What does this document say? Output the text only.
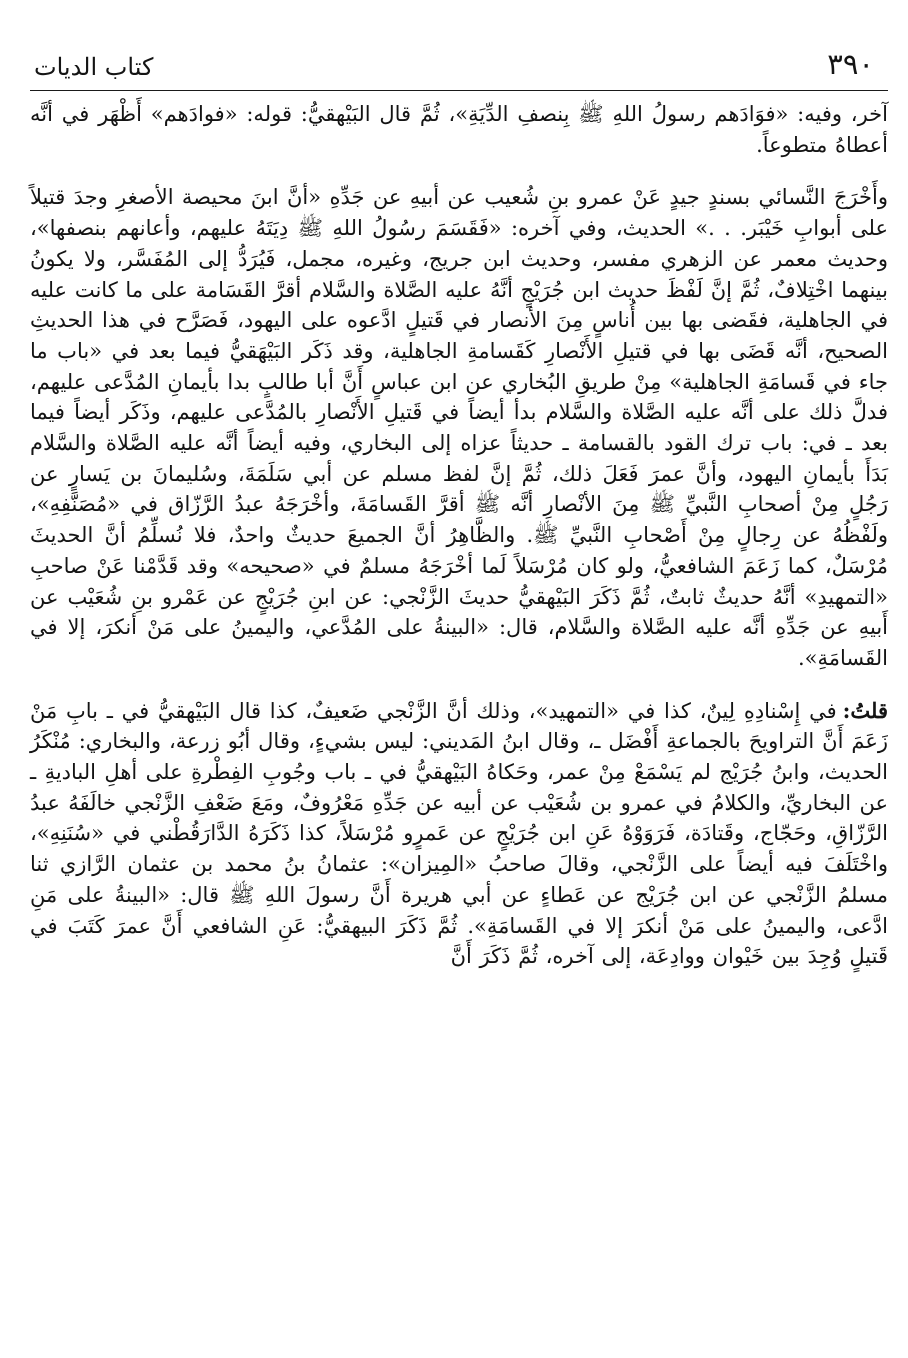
٣٩٠
كتاب الديات

آخر، وفيه: «فوَادَهم رسولُ اللهِ ﷺ بِنصفِ الدِّيَةِ»، ثُمَّ قال البَيْهقيُّ: قوله: «فوادَهم» أَظْهَر في أنَّه أعطاهُ متطوعاً.

وأَخْرَجَ النَّسائي بسندٍ جيدٍ عَنْ عمرو بنِ شُعيب عن أبيهِ عن جَدِّهِ «أنَّ ابنَ محيصة الأصغرِ وجدَ قتيلاً على أبوابِ خَيْبَر. . .» الحديث، وفي آخره: «فَقَسَمَ رسُولُ اللهِ ﷺ دِيَتَهُ عليهم، وأعانهم بنصفها»، وحديث معمر عن الزهري مفسر، وحديث ابن جريج، وغيره، مجمل، فَيُرَدُّ إلى المُفَسَّر، ولا يكونُ بينهما اخْتِلافٌ، ثُمَّ إنَّ لَفْظَ حديث ابن جُرَيْجٍ أنَّهُ عليه الصَّلاة والسَّلام أقرَّ القَسَامة على ما كانت عليه في الجاهلية، فقَضى بها بين أُناسٍ مِنَ الأنصار في قَتيلٍ ادَّعوه على اليهود، فَصَرَّح في هذا الحديثِ الصحيح، أنَّه قَضَى بها في قتيلِ الأَنْصارِ كَقَسامةِ الجاهلية، وقد ذَكَر البَيْهَقيُّ فيما بعد في «باب ما جاء في قَسامَةِ الجاهلية» مِنْ طريقِ البُخاري عن ابن عباسٍ أَنَّ أبا طالبٍ بدا بأيمانِ المُدَّعى عليهم، فدلَّ ذلك على أنَّه عليه الصَّلاة والسَّلام بدأ أيضاً في قَتيلِ الأَنْصارِ بالمُدَّعى عليهم، وذَكَر أيضاً فيما بعد ـ في: باب ترك القود بالقسامة ـ حديثاً عزاه إلى البخاري، وفيه أيضاً أنَّه عليه الصَّلاة والسَّلام بَدَأَ بأيمانِ اليهود، وأنَّ عمرَ فَعَلَ ذلك، ثُمَّ إنَّ لفظ مسلم عن أبي سَلَمَةَ، وسُليمانَ بن يَسارٍ عن رَجُلٍ مِنْ أصحابِ النَّبيِّ ﷺ مِنَ الأنْصارِ أنَّه ﷺ أقرَّ القَسامَةَ، وأخْرَجَهُ عبدُ الرَّزّاق في «مُصَنَّفِهِ»، ولَفْظُهُ عن رِجالٍ مِنْ أَصْحابِ النَّبيِّ ﷺ. والظَّاهِرُ أنَّ الجميعَ حديثٌ واحدٌ، فلا نُسلِّمُ أنَّ الحديثَ مُرْسَلٌ، كما زَعَمَ الشافعيُّ، ولو كان مُرْسَلاً لَما أخْرَجَهُ مسلمٌ في «صحيحه» وقد قَدَّمْنا عَنْ صاحبِ «التمهيدِ» أنَّهُ حديثٌ ثابتٌ، ثُمَّ ذَكَرَ البَيْهقيُّ حديثَ الزَّنْجي: عن ابنِ جُرَيْجٍ عن عَمْرو بنِ شُعَيْب عن أَبيهِ عن جَدِّهِ أنَّه عليه الصَّلاة والسَّلام، قال: «البينةُ على المُدَّعي، واليمينُ على مَنْ أنكرَ، إلا في القَسامَةِ».

قلتُ:في إِسْنادِهِ لِينٌ، كذا في «التمهيد»، وذلك أنَّ الزَّنْجي ضَعيفٌ، كذا قال البَيْهقيُّ في ـ بابِ مَنْ زَعَمَ أَنَّ التراويحَ بالجماعةِ أَفْضَل ـ، وقال ابنُ المَديني: ليس بشيءٍ، وقال أبُو زرعة، والبخاري: مُنْكَرُ الحديث، وابنُ جُرَيْج لم يَسْمَعْ مِنْ عمر، وحَكاهُ البَيْهقيُّ في ـ باب وجُوبِ الفِطْرةِ على أهلِ الباديةِ ـ عن البخاريِّ، والكلامُ في عمرو بن شُعَيْب عن أبيه عن جَدِّهِ مَعْرُوفٌ، ومَعَ ضَعْفِ الزَّنْجي خالَفَهُ عبدُ الرَّزّاقِ، وحَجّاج، وقَتادَة، فَرَوَوْهُ عَنِ ابن جُرَيْجٍ عن عَمرٍو مُرْسَلاً، كذا ذَكَرَهُ الدَّارَقُطْني في «سُنَنِهِ»، واخْتَلَفَ فيه أيضاً على الزَّنْجي، وقالَ صاحبُ «المِيزان»: عثمانُ بنُ محمد بن عثمان الرَّازي ثنا مسلمُ الزَّنْجي عن ابن جُرَيْج عن عَطاءٍ عن أبي هريرة أَنَّ رسولَ اللهِ ﷺ قال: «البينةُ على مَنِ ادَّعى، واليمينُ على مَنْ أنكرَ إلا في القَسامَةِ». ثُمَّ ذَكَرَ البيهقيُّ: عَنِ الشافعي أَنَّ عمرَ كَتَبَ في قَتيلٍ وُجِدَ بين خَيْوان ووادِعَة، إلى آخره، ثُمَّ ذَكَرَ أَنَّ
